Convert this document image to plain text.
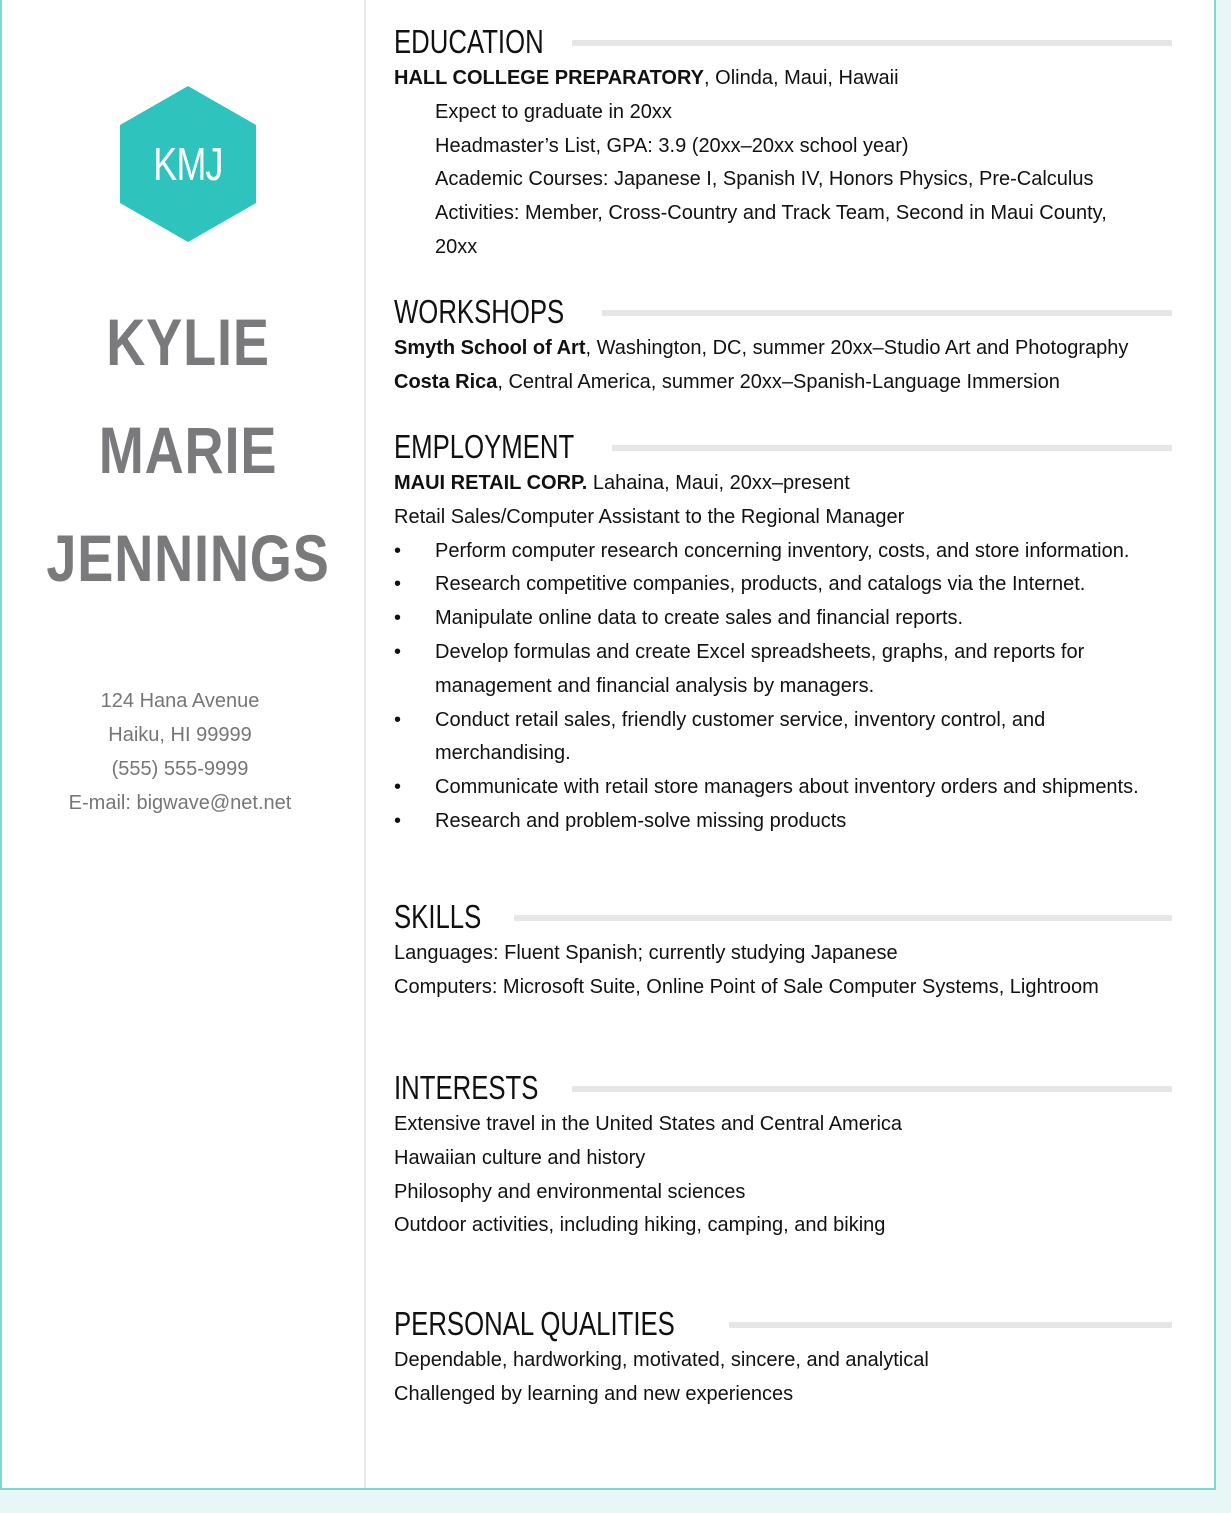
KMJ
KYLIE
MARIE
JENNINGS
124 Hana Avenue
Haiku, HI 99999
(555) 555-9999
E-mail: bigwave@net.net
EDUCATION
HALL COLLEGE PREPARATORY, Olinda, Maui, Hawaii
Expect to graduate in 20xx
Headmaster’s List, GPA: 3.9 (20xx–20xx school year)
Academic Courses: Japanese I, Spanish IV, Honors Physics, Pre-Calculus
Activities: Member, Cross-Country and Track Team, Second in Maui County,
20xx
WORKSHOPS
Smyth School of Art, Washington, DC, summer 20xx–Studio Art and Photography
Costa Rica, Central America, summer 20xx–Spanish-Language Immersion
EMPLOYMENT
MAUI RETAIL CORP. Lahaina, Maui, 20xx–present
Retail Sales/Computer Assistant to the Regional Manager
• Perform computer research concerning inventory, costs, and store information.
• Research competitive companies, products, and catalogs via the Internet.
• Manipulate online data to create sales and financial reports.
• Develop formulas and create Excel spreadsheets, graphs, and reports for
management and financial analysis by managers.
• Conduct retail sales, friendly customer service, inventory control, and
merchandising.
• Communicate with retail store managers about inventory orders and shipments.
• Research and problem-solve missing products
SKILLS
Languages: Fluent Spanish; currently studying Japanese
Computers: Microsoft Suite, Online Point of Sale Computer Systems, Lightroom
INTERESTS
Extensive travel in the United States and Central America
Hawaiian culture and history
Philosophy and environmental sciences
Outdoor activities, including hiking, camping, and biking
PERSONAL QUALITIES
Dependable, hardworking, motivated, sincere, and analytical
Challenged by learning and new experiences
